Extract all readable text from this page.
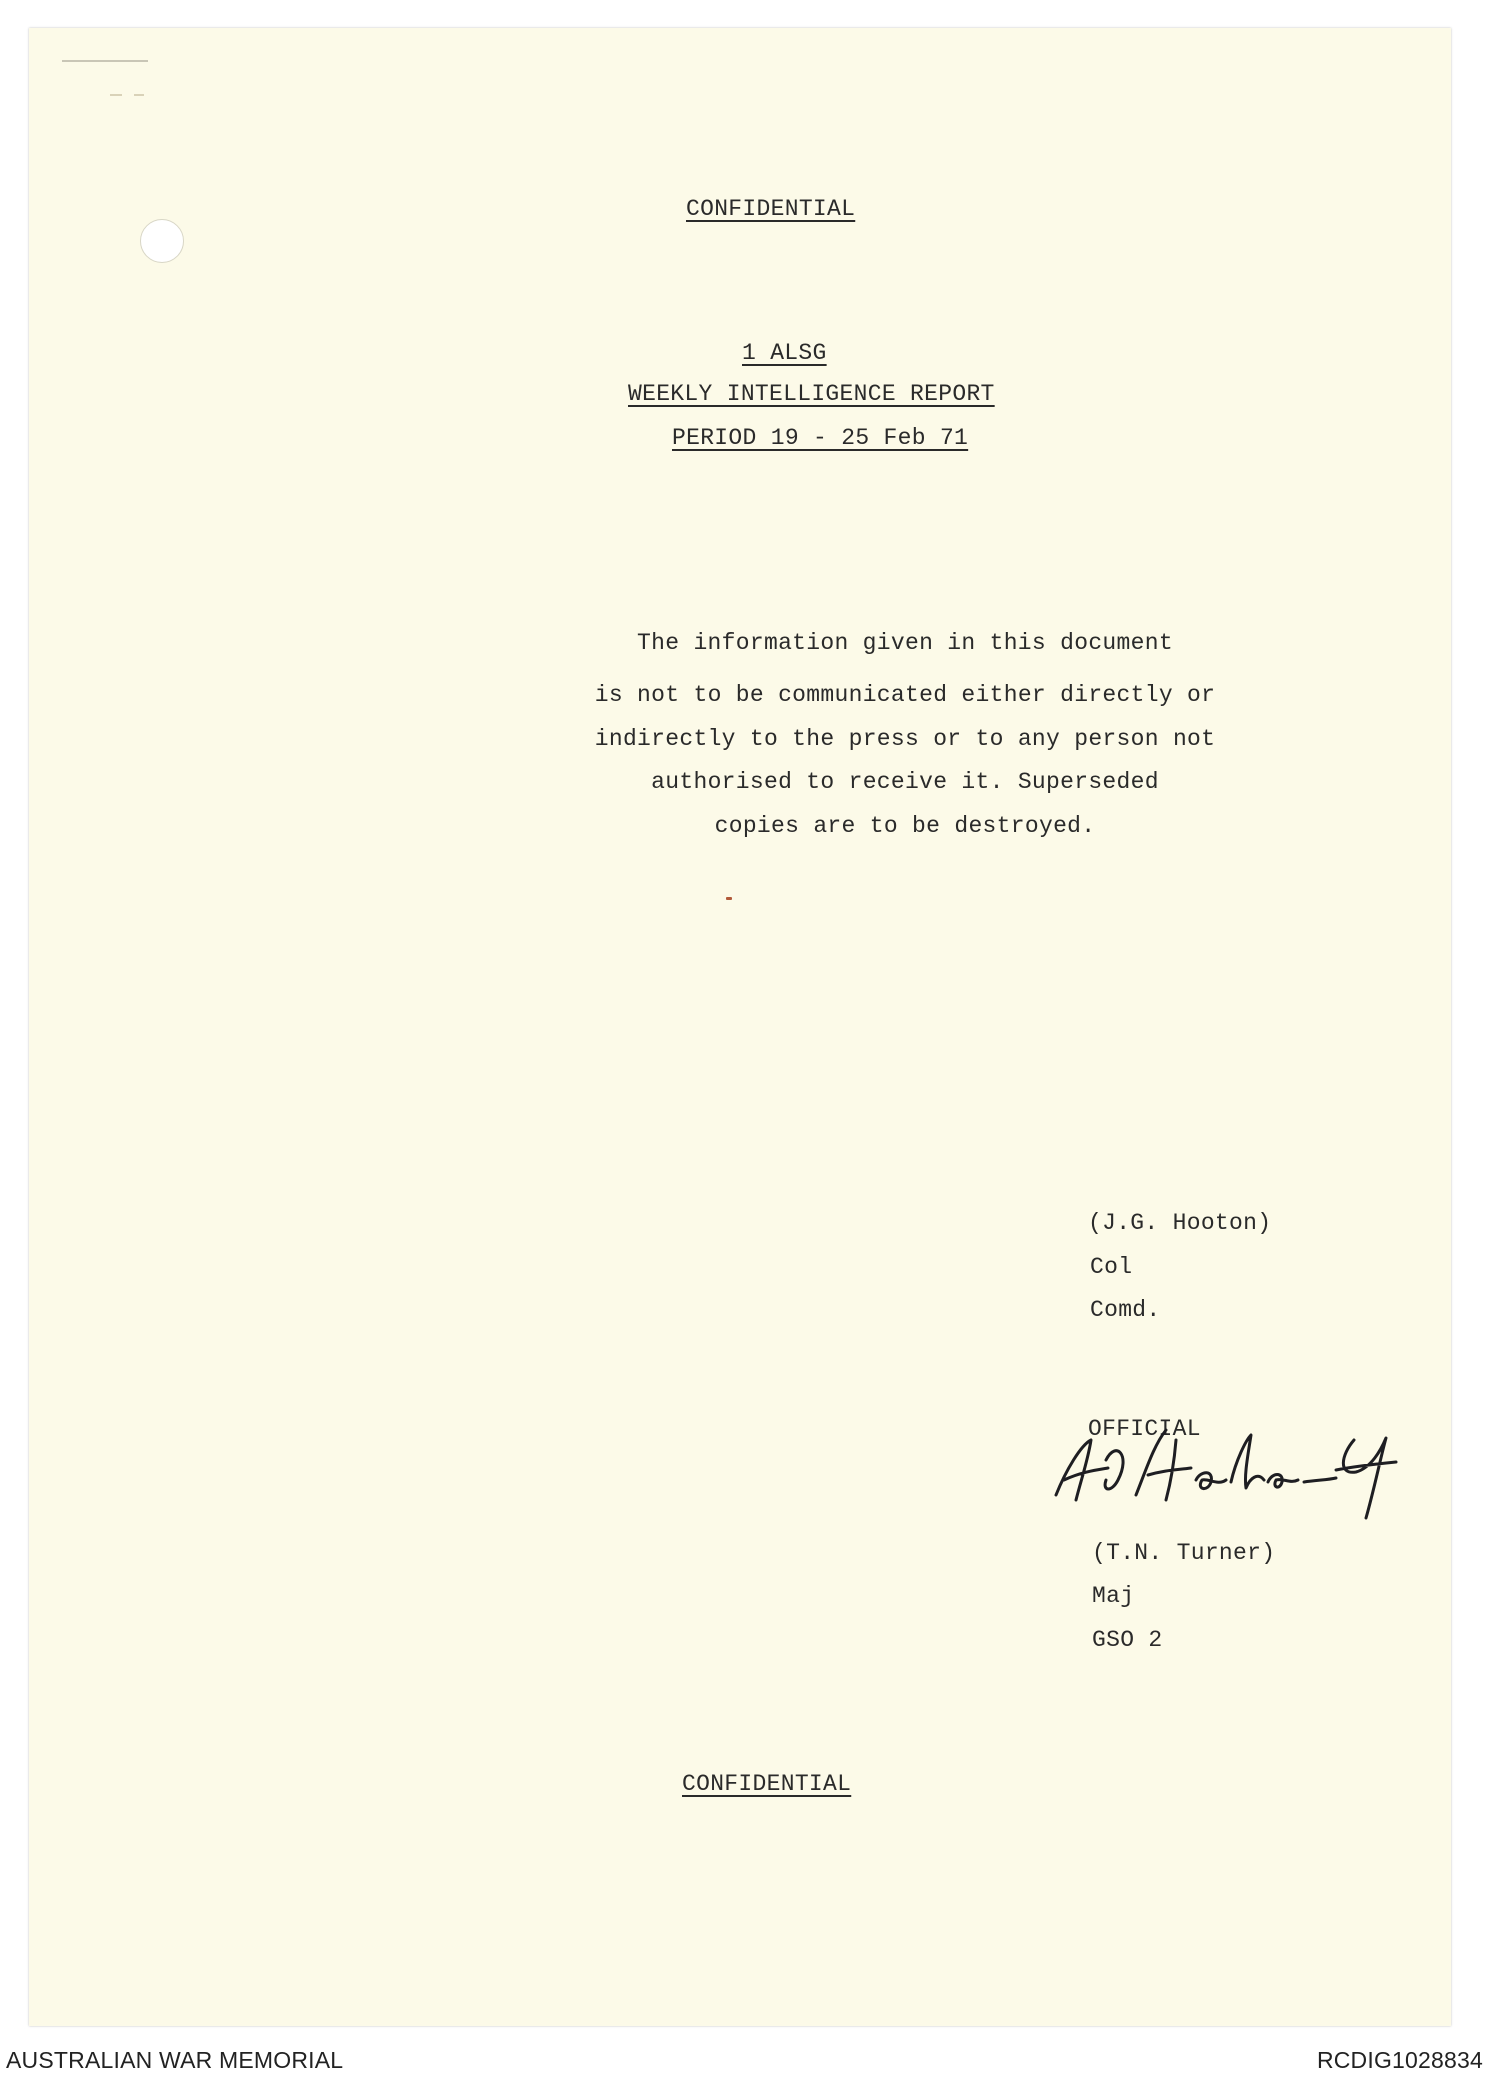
CONFIDENTIAL
1 ALSG
WEEKLY INTELLIGENCE REPORT
PERIOD 19 - 25 Feb 71
The information given in this document
is not to be communicated either directly or
indirectly to the press or to any person not
authorised to receive it. Superseded
copies are to be destroyed.
(J.G. Hooton)
Col
Comd.
OFFICIAL
(T.N. Turner)
Maj
GSO 2
CONFIDENTIAL
AUSTRALIAN WAR MEMORIAL	RCDIG1028834
